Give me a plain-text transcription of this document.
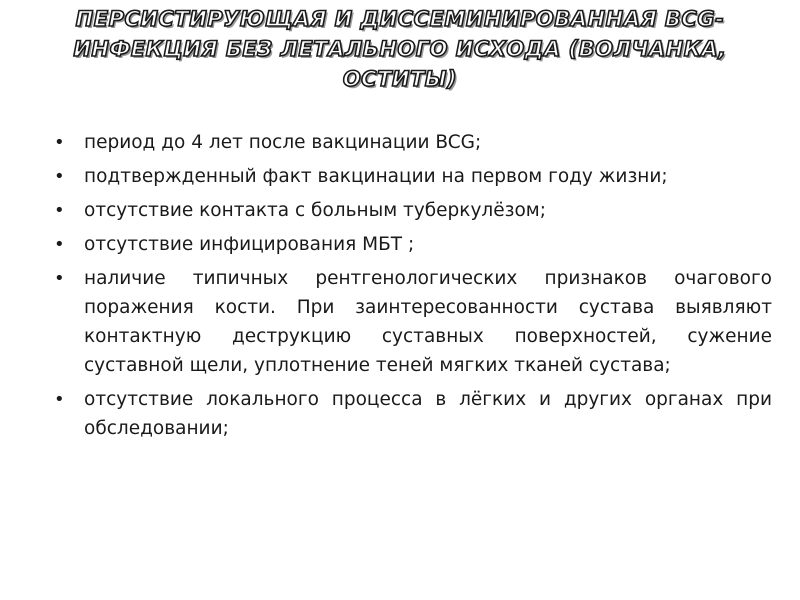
ПЕРСИСТИРУЮЩАЯ И ДИССЕМИНИРОВАННАЯ BCG-ИНФЕКЦИЯ БЕЗ ЛЕТАЛЬНОГО ИСХОДА (ВОЛЧАНКА, ОСТИТЫ)
•	период до 4 лет после вакцинации BCG;
•	подтвержденный факт вакцинации на первом году жизни;
•	отсутствие контакта с больным туберкулёзом;
•	отсутствие инфицирования МБТ ;
•	наличие типичных рентгенологических признаков очагового поражения кости. При заинтересованности сустава выявляют контактную деструкцию суставных поверхностей, сужение суставной щели, уплотнение теней мягких тканей сустава;
•	отсутствие локального процесса в лёгких и других органах при обследовании;
